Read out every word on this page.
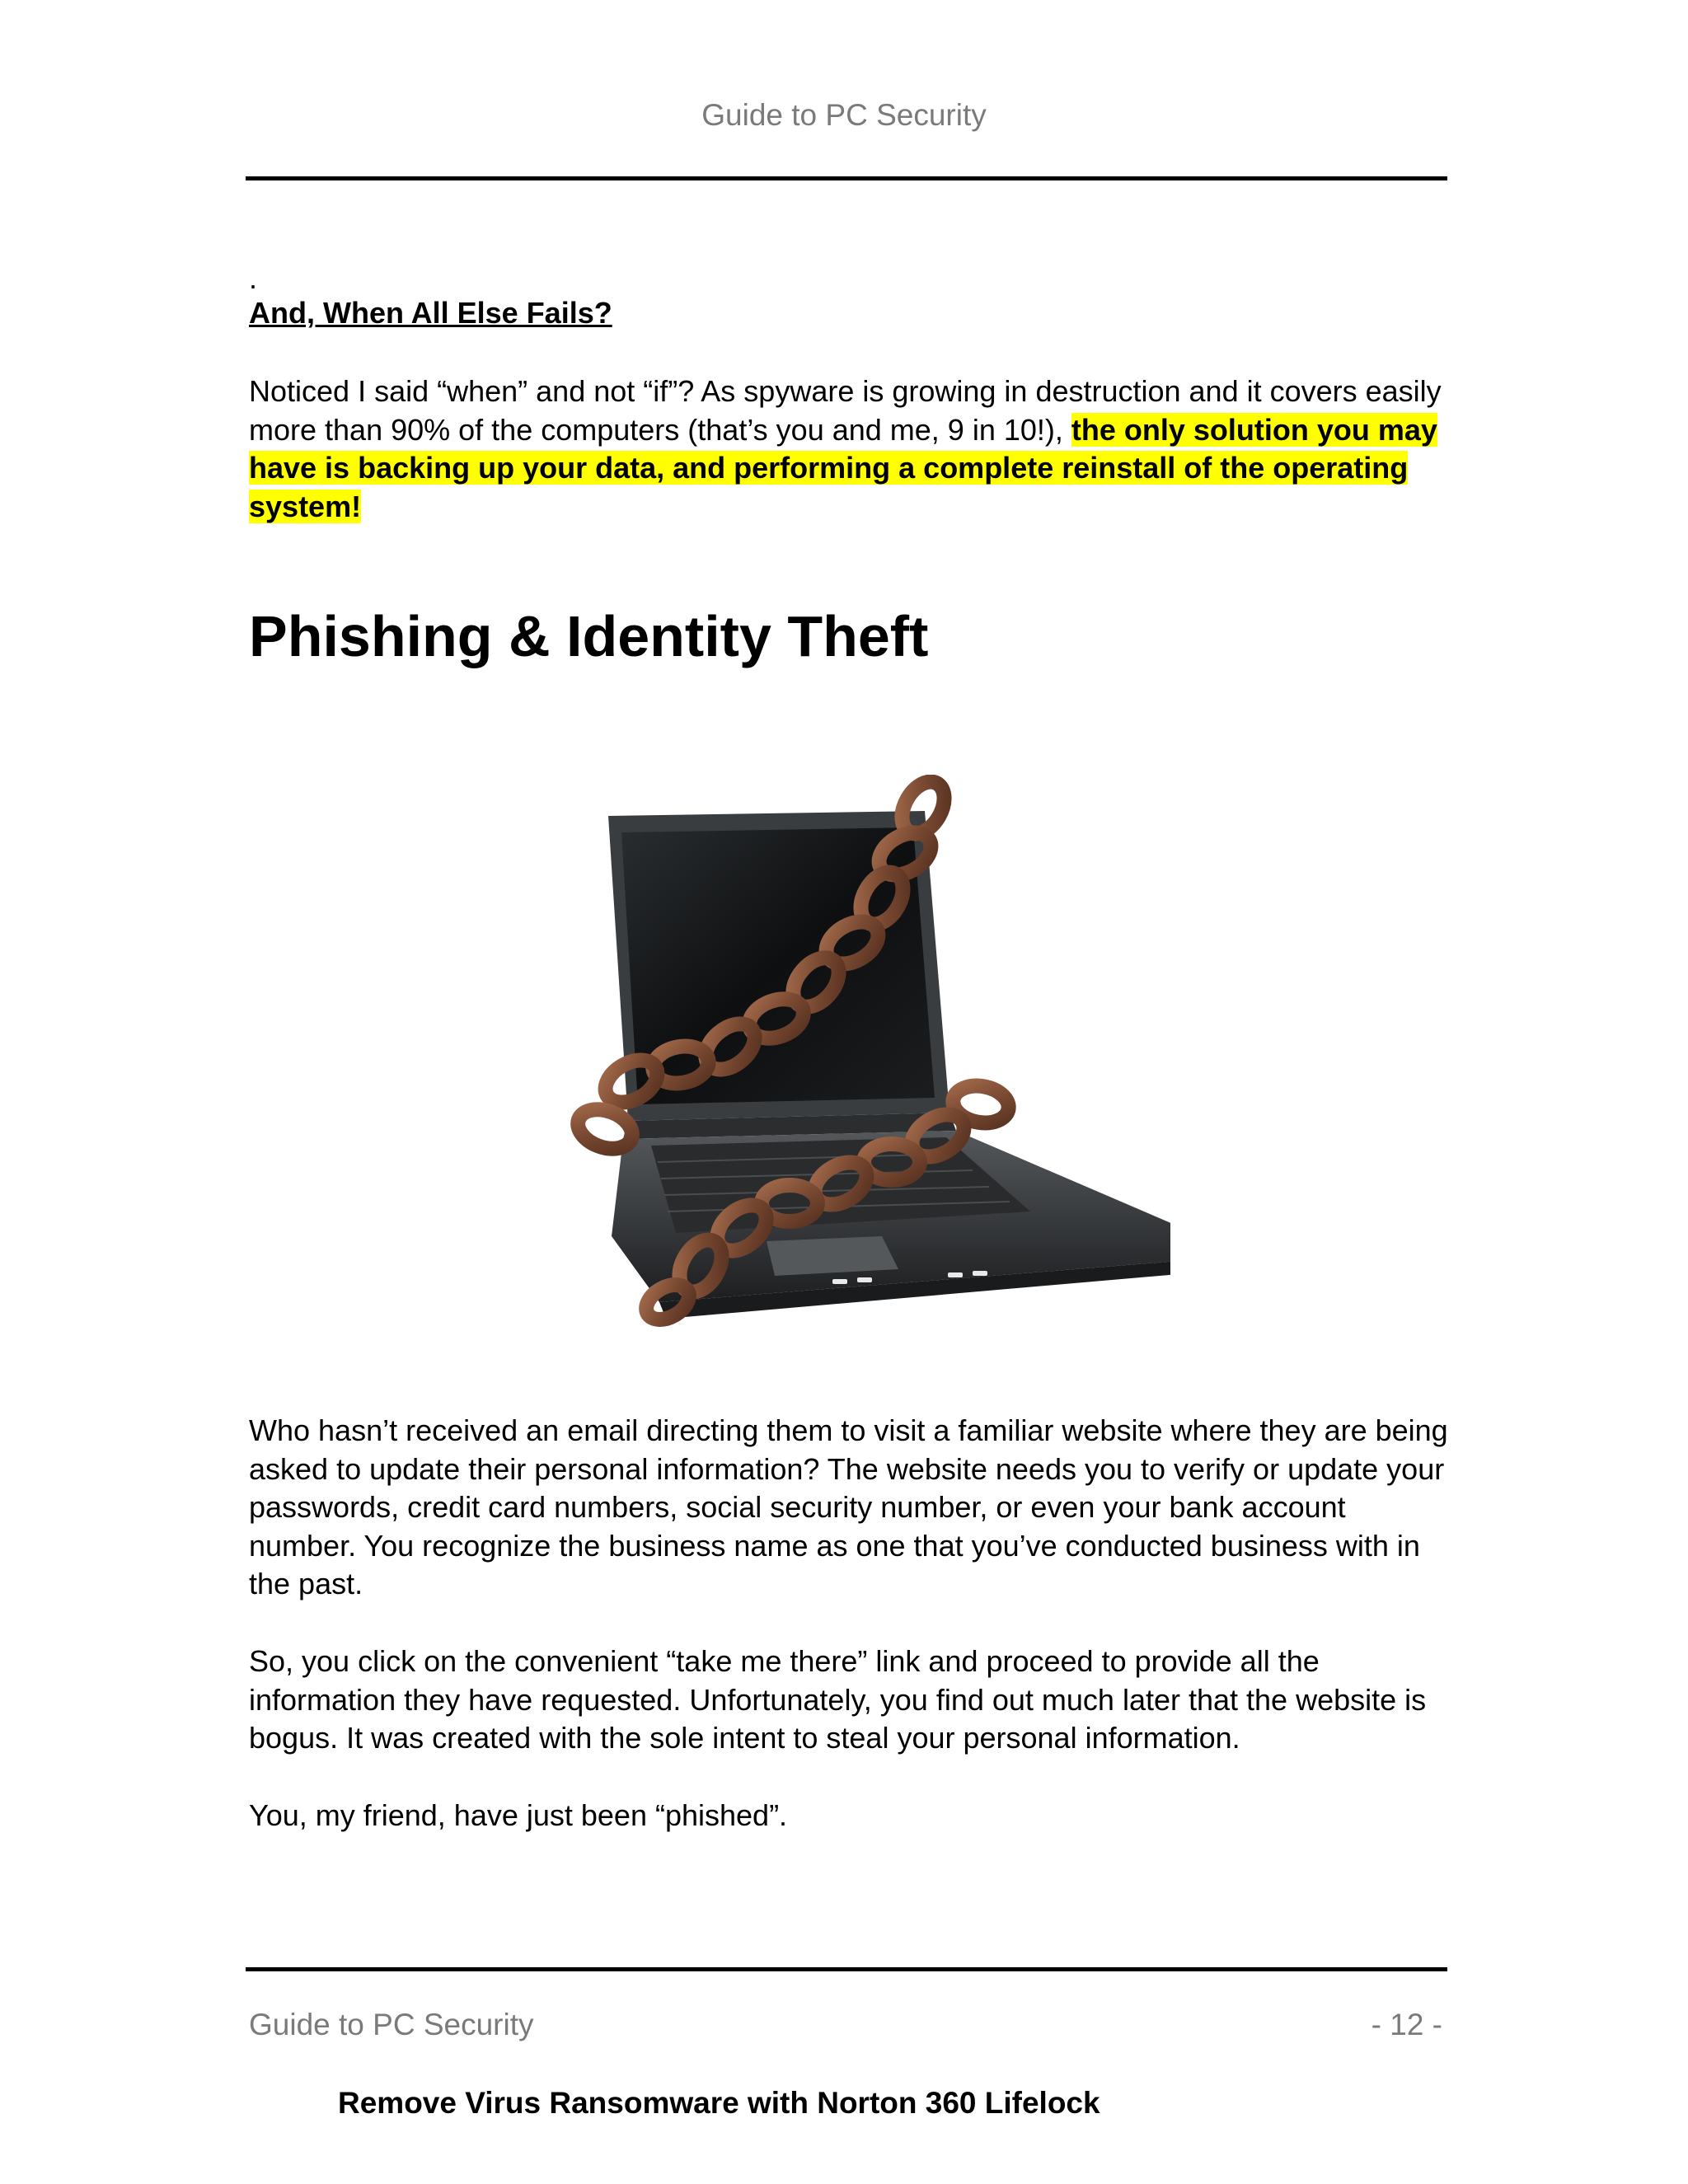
Guide to PC Security
.
And, When All Else Fails?

Noticed I said “when” and not “if”? As spyware is growing in destruction and it covers easily more than 90% of the computers (that’s you and me, 9 in 10!), the only solution you may have is backing up your data, and performing a complete reinstall of the operating system!

Phishing & Identity Theft

Who hasn’t received an email directing them to visit a familiar website where they are being asked to update their personal information? The website needs you to verify or update your passwords, credit card numbers, social security number, or even your bank account number. You recognize the business name as one that you’ve conducted business with in the past.

So, you click on the convenient “take me there” link and proceed to provide all the information they have requested. Unfortunately, you find out much later that the website is bogus. It was created with the sole intent to steal your personal information.

You, my friend, have just been “phished”.

Guide to PC Security	- 12 -
Remove Virus Ransomware with Norton 360 Lifelock
